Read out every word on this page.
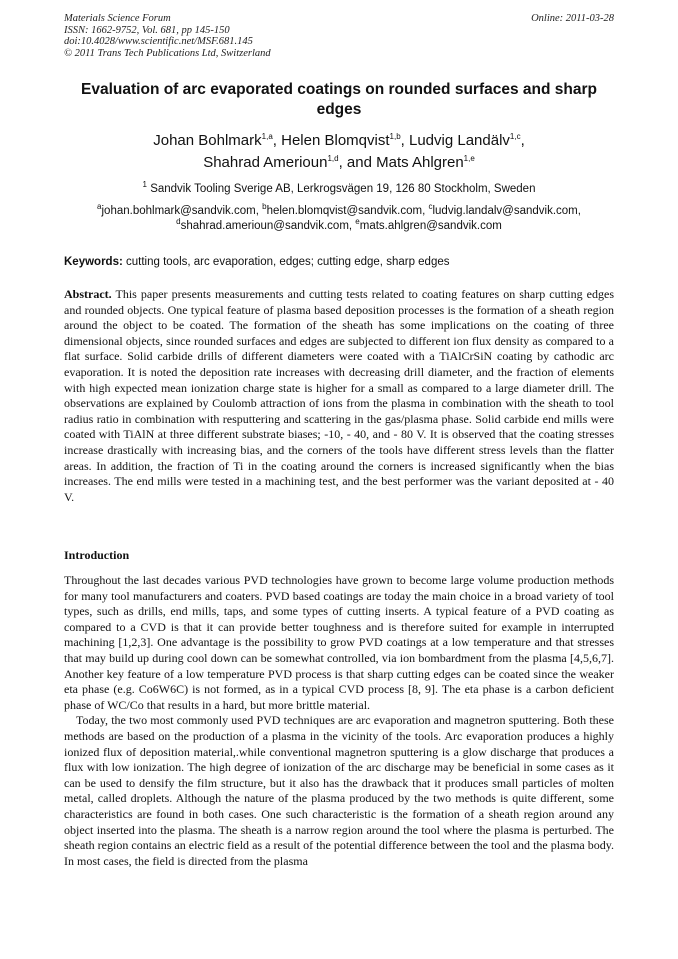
Materials Science Forum
ISSN: 1662-9752, Vol. 681, pp 145-150
doi:10.4028/www.scientific.net/MSF.681.145
© 2011 Trans Tech Publications Ltd, Switzerland
Online: 2011-03-28
Evaluation of arc evaporated coatings on rounded surfaces and sharp edges
Johan Bohlmark$^{1,a}$, Helen Blomqvist$^{1,b}$, Ludvig Landälv$^{1,c}$,
Shahrad Amerioun$^{1,d}$, and Mats Ahlgren$^{1,e}$
$^1$ Sandvik Tooling Sverige AB, Lerkrogsvägen 19, 126 80 Stockholm, Sweden
$^a$johan.bohlmark@sandvik.com, $^b$helen.blomqvist@sandvik.com, $^c$ludvig.landalv@sandvik.com,
$^d$shahrad.amerioun@sandvik.com, $^e$mats.ahlgren@sandvik.com
Keywords: cutting tools, arc evaporation, edges; cutting edge, sharp edges
Abstract. This paper presents measurements and cutting tests related to coating features on sharp cutting edges and rounded objects. One typical feature of plasma based deposition processes is the formation of a sheath region around the object to be coated. The formation of the sheath has some implications on the coating of three dimensional objects, since rounded surfaces and edges are subjected to different ion flux density as compared to a flat surface. Solid carbide drills of different diameters were coated with a TiAlCrSiN coating by cathodic arc evaporation. It is noted the deposition rate increases with decreasing drill diameter, and the fraction of elements with high expected mean ionization charge state is higher for a small as compared to a large diameter drill. The observations are explained by Coulomb attraction of ions from the plasma in combination with the sheath to tool radius ratio in combination with resputtering and scattering in the gas/plasma phase. Solid carbide end mills were coated with TiAlN at three different substrate biases; -10, - 40, and - 80 V. It is observed that the coating stresses increase drastically with increasing bias, and the corners of the tools have different stress levels than the flatter areas. In addition, the fraction of Ti in the coating around the corners is increased significantly when the bias increases. The end mills were tested in a machining test, and the best performer was the variant deposited at - 40 V.
Introduction

Throughout the last decades various PVD technologies have grown to become large volume production methods for many tool manufacturers and coaters. PVD based coatings are today the main choice in a broad variety of tool types, such as drills, end mills, taps, and some types of cutting inserts. A typical feature of a PVD coating as compared to a CVD is that it can provide better toughness and is therefore suited for example in interrupted machining [1,2,3]. One advantage is the possibility to grow PVD coatings at a low temperature and that stresses that may build up during cool down can be somewhat controlled, via ion bombardment from the plasma [4,5,6,7]. Another key feature of a low temperature PVD process is that sharp cutting edges can be coated since the weaker eta phase (e.g. Co6W6C) is not formed, as in a typical CVD process [8, 9]. The eta phase is a carbon deficient phase of WC/Co that results in a hard, but more brittle material.

Today, the two most commonly used PVD techniques are arc evaporation and magnetron sputtering. Both these methods are based on the production of a plasma in the vicinity of the tools. Arc evaporation produces a highly ionized flux of deposition material,.while conventional magnetron sputtering is a glow discharge that produces a flux with low ionization. The high degree of ionization of the arc discharge may be beneficial in some cases as it can be used to densify the film structure, but it also has the drawback that it produces small particles of molten metal, called droplets. Although the nature of the plasma produced by the two methods is quite different, some characteristics are found in both cases. One such characteristic is the formation of a sheath region around any object inserted into the plasma. The sheath is a narrow region around the tool where the plasma is perturbed. The sheath region contains an electric field as a result of the potential difference between the tool and the plasma body. In most cases, the field is directed from the plasma
